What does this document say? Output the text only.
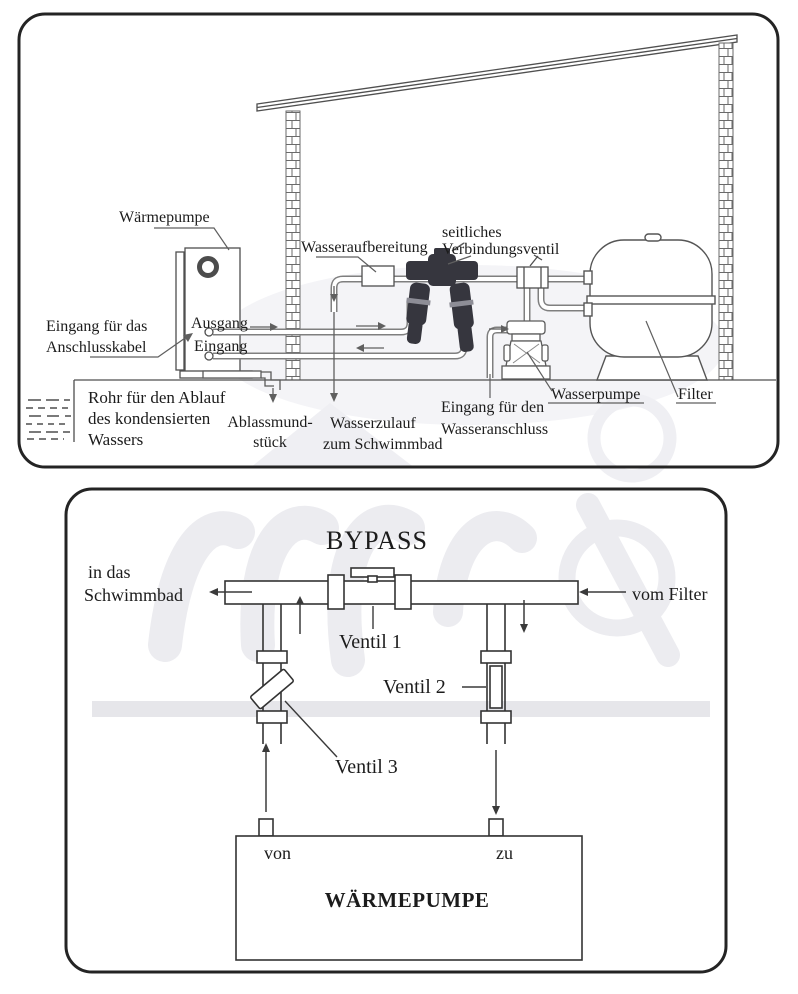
Wärmepumpe
Eingang für das
Anschlusskabel
Ausgang
Eingang
Rohr für den Ablauf
des kondensierten
Wassers
Ablassmund-
stück
Wasserzulauf
zum Schwimmbad
Wasseraufbereitung
seitliches
Verbindungsventil
Eingang für den
Wasseranschluss
Wasserpumpe Filter
BYPASS
in das
Schwimmbad	vom Filter
Ventil 1
Ventil 2
Ventil 3
von	zu
WÄRMEPUMPE
